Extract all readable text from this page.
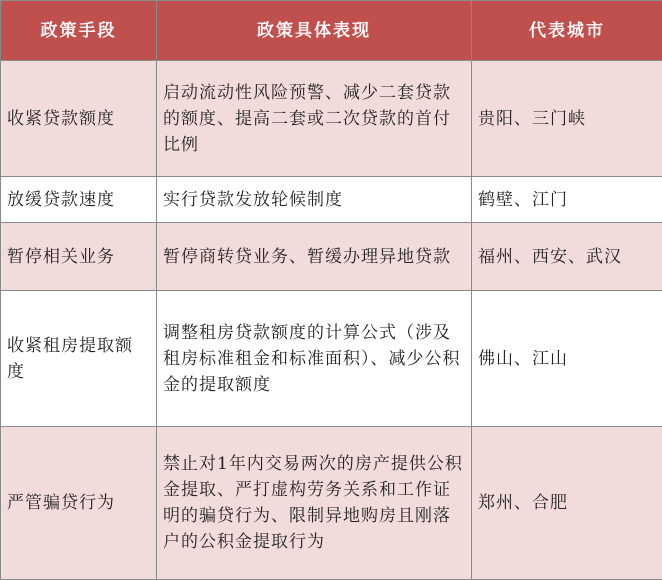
政策手段	政策具体表现	代表城市
收紧贷款额度	启动流动性风险预警、减少二套贷款的额度、提高二套或二次贷款的首付比例	贵阳、三门峡
放缓贷款速度	实行贷款发放轮候制度	鹤壁、江门
暂停相关业务	暂停商转贷业务、暂缓办理异地贷款	福州、西安、武汉
收紧租房提取额度	调整租房贷款额度的计算公式（涉及租房标准租金和标准面积）、减少公积金的提取额度	佛山、江山
严管骗贷行为	禁止对1年内交易两次的房产提供公积金提取、严打虚构劳务关系和工作证明的骗贷行为、限制异地购房且刚落户的公积金提取行为	郑州、合肥
